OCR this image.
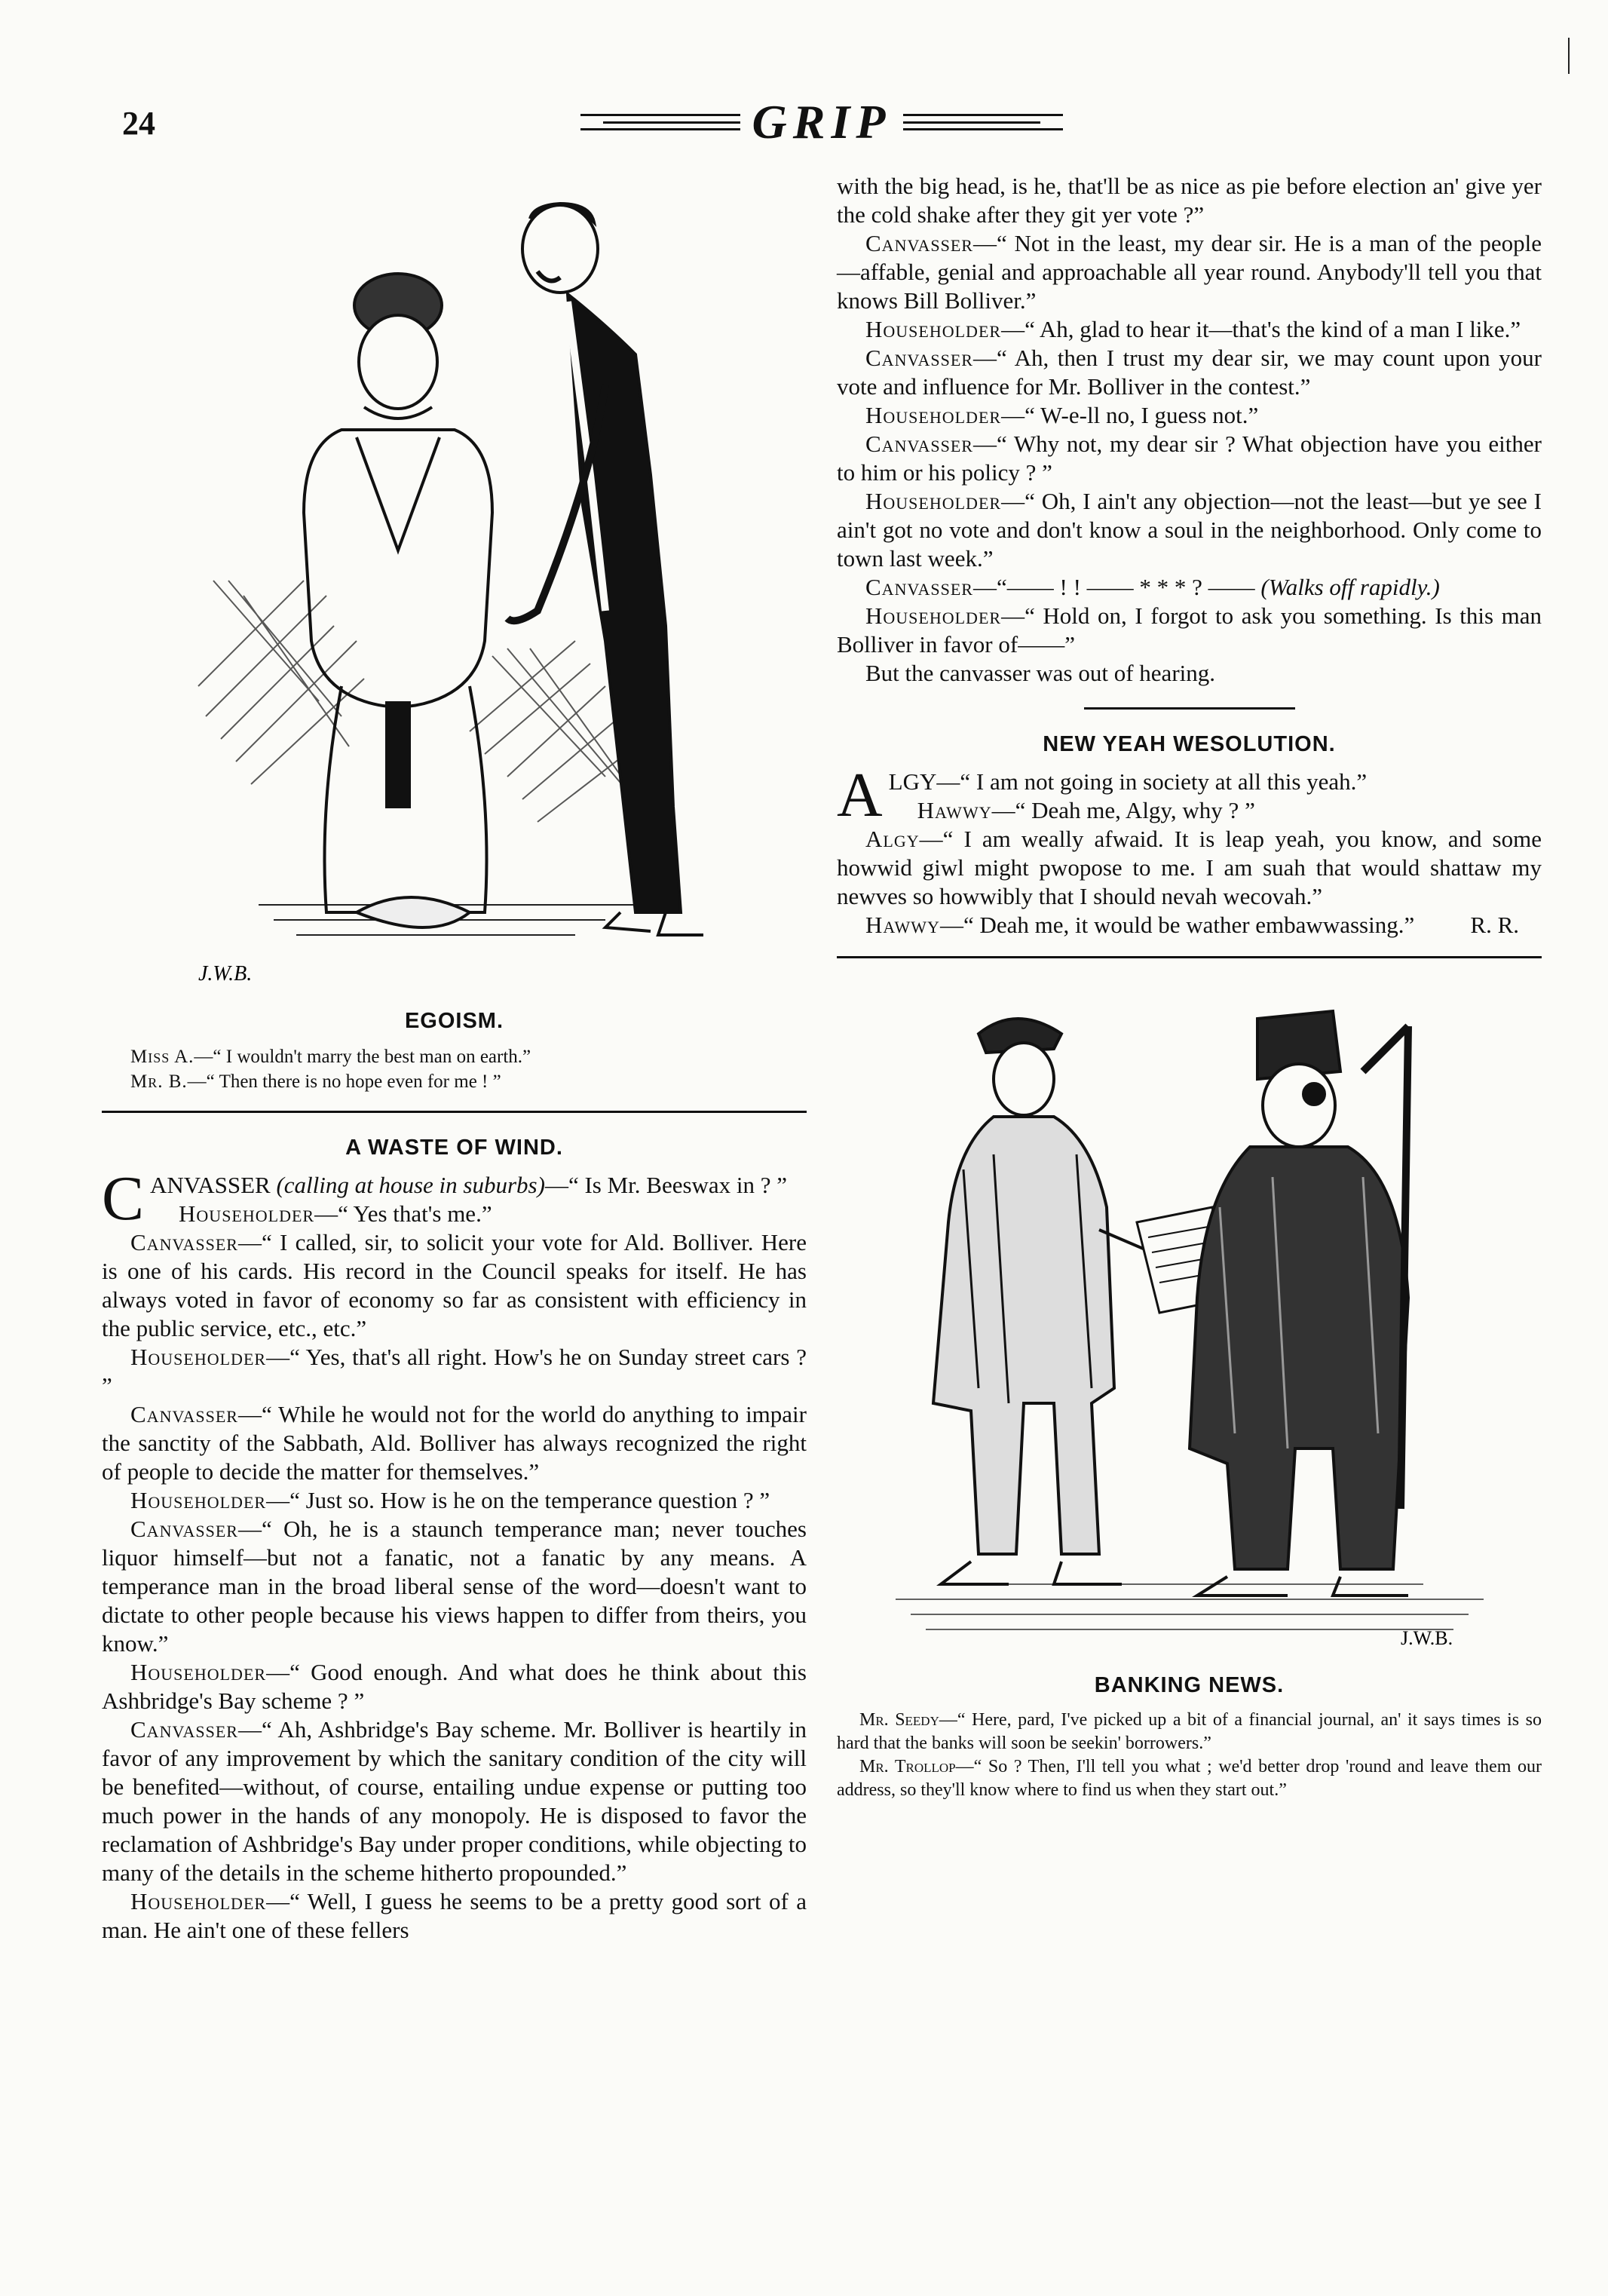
24	GRIP
J.W.B.
EGOISM.
Miss A.—“ I wouldn't marry the best man on earth.”
Mr. B.—“ Then there is no hope even for me ! ”
A WASTE OF WIND.

CANVASSER (calling at house in suburbs)—“ Is Mr. Beeswax in ? ”

Householder—“ Yes that's me.”

Canvasser—“ I called, sir, to solicit your vote for Ald. Bolliver. Here is one of his cards. His record in the Council speaks for itself. He has always voted in favor of economy so far as consistent with efficiency in the public service, etc., etc.”

Householder—“ Yes, that's all right. How's he on Sunday street cars ? ”

Canvasser—“ While he would not for the world do anything to impair the sanctity of the Sabbath, Ald. Bolliver has always recognized the right of people to decide the matter for themselves.”

Householder—“ Just so. How is he on the temperance question ? ”

Canvasser—“ Oh, he is a staunch temperance man; never touches liquor himself—but not a fanatic, not a fanatic by any means. A temperance man in the broad liberal sense of the word—doesn't want to dictate to other people because his views happen to differ from theirs, you know.”

Householder—“ Good enough. And what does he think about this Ashbridge's Bay scheme ? ”

Canvasser—“ Ah, Ashbridge's Bay scheme. Mr. Bolliver is heartily in favor of any improvement by which the sanitary condition of the city will be benefited—without, of course, entailing undue expense or putting too much power in the hands of any monopoly. He is disposed to favor the reclamation of Ashbridge's Bay under proper conditions, while objecting to many of the details in the scheme hitherto propounded.”

Householder—“ Well, I guess he seems to be a pretty good sort of a man. He ain't one of these fellers

with the big head, is he, that'll be as nice as pie before election an' give yer the cold shake after they git yer vote ?”

Canvasser—“ Not in the least, my dear sir. He is a man of the people—affable, genial and approachable all year round. Anybody'll tell you that knows Bill Bolliver.”

Householder—“ Ah, glad to hear it—that's the kind of a man I like.”

Canvasser—“ Ah, then I trust my dear sir, we may count upon your vote and influence for Mr. Bolliver in the contest.”

Householder—“ W-e-ll no, I guess not.”

Canvasser—“ Why not, my dear sir ? What objection have you either to him or his policy ? ”

Householder—“ Oh, I ain't any objection—not the least—but ye see I ain't got no vote and don't know a soul in the neighborhood. Only come to town last week.”

Canvasser—“—— ! ! —— * * * ? —— (Walks off rapidly.)

Householder—“ Hold on, I forgot to ask you something. Is this man Bolliver in favor of——”

But the canvasser was out of hearing.

NEW YEAH WESOLUTION.

ALGY—“ I am not going in society at all this yeah.”

Hawwy—“ Deah me, Algy, why ? ”

Algy—“ I am weally afwaid. It is leap yeah, you know, and some howwid giwl might pwopose to me. I am suah that would shattaw my newves so howwibly that I should nevah wecovah.”

Hawwy—“ Deah me, it would be wather embawwassing.”	R. R.

J.W.B.
BANKING NEWS.

Mr. Seedy—“ Here, pard, I've picked up a bit of a financial journal, an' it says times is so hard that the banks will soon be seekin' borrowers.”

Mr. Trollop—“ So ? Then, I'll tell you what ; we'd better drop 'round and leave them our address, so they'll know where to find us when they start out.”
